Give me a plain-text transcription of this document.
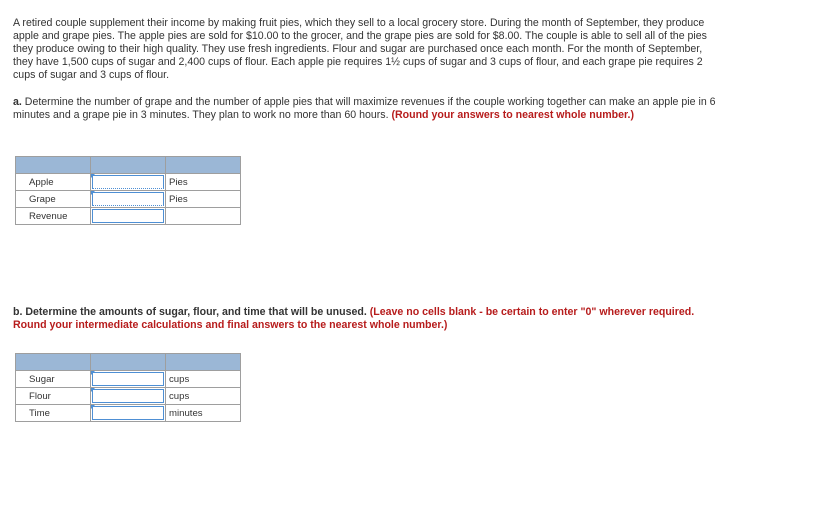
A retired couple supplement their income by making fruit pies, which they sell to a local grocery store. During the month of September, they produce apple and grape pies. The apple pies are sold for $10.00 to the grocer, and the grape pies are sold for $8.00. The couple is able to sell all of the pies they produce owing to their high quality. They use fresh ingredients. Flour and sugar are purchased once each month. For the month of September, they have 1,500 cups of sugar and 2,400 cups of flour. Each apple pie requires 1½ cups of sugar and 3 cups of flour, and each grape pie requires 2 cups of sugar and 3 cups of flour.
a. Determine the number of grape and the number of apple pies that will maximize revenues if the couple working together can make an apple pie in 6 minutes and a grape pie in 3 minutes. They plan to work no more than 60 hours. (Round your answers to nearest whole number.)

Apple		Pies
Grape		Pies
Revenue	

b. Determine the amounts of sugar, flour, and time that will be unused. (Leave no cells blank - be certain to enter "0" wherever required. Round your intermediate calculations and final answers to the nearest whole number.)

Sugar		cups
Flour		cups
Time		minutes
